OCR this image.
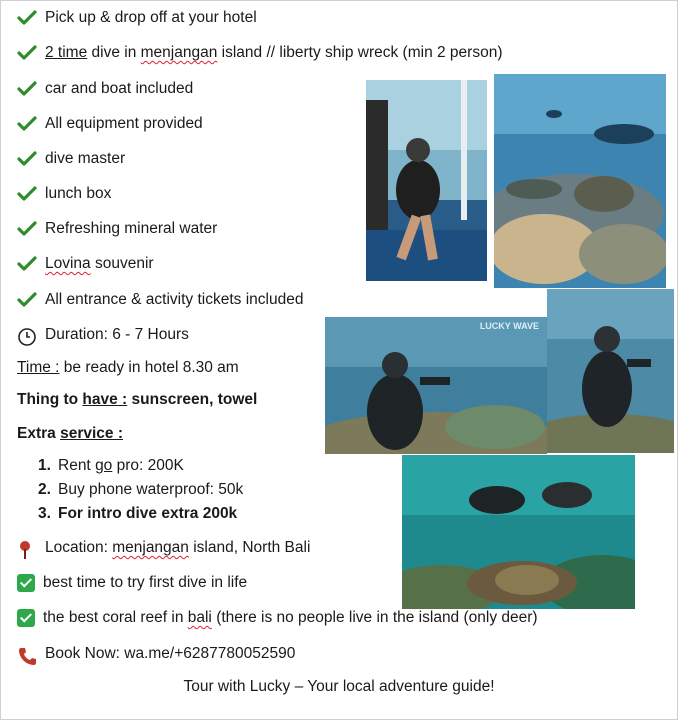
Pick up & drop off at your hotel
2 time dive in menjangan island // liberty ship wreck (min 2 person)
car and boat included
All equipment provided
dive master
lunch box
Refreshing mineral water
Lovina souvenir
All entrance & activity tickets included
Duration: 6 - 7 Hours
Time : be ready in hotel 8.30 am
Thing to have : sunscreen, towel
Extra service :
1. Rent go pro: 200K
2. Buy phone waterproof: 50k
3. For intro dive extra 200k
Location: menjangan island, North Bali
best time to try first dive in life
the best coral reef in bali (there is no people live in the island (only deer)
Book Now: wa.me/+6287780052590
Tour with Lucky – Your local adventure guide!
LUCKY WAVE
